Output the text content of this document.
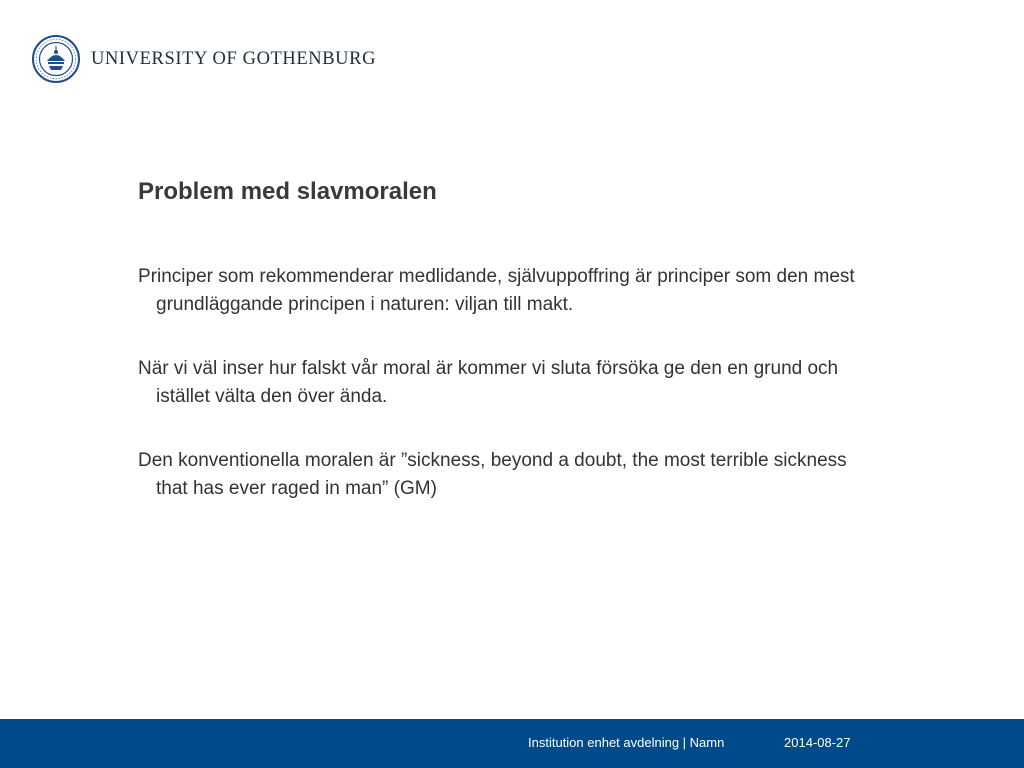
UNIVERSITY OF GOTHENBURG
Problem med slavmoralen
Principer som rekommenderar medlidande, självuppoffring är principer som den mest grundläggande principen i naturen: viljan till makt.
När vi väl inser hur falskt vår moral är kommer vi sluta försöka ge den en grund och istället välta den över ända.
Den konventionella moralen är ”sickness, beyond a doubt, the most terrible sickness that has ever raged in man” (GM)
Institution enhet avdelning | Namn	2014-08-27
